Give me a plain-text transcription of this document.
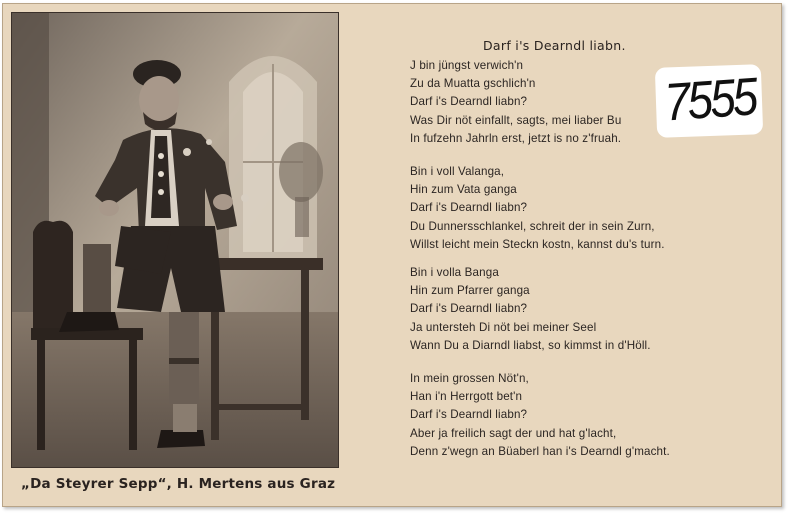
„Da Steyrer Sepp“, H. Mertens aus Graz
Darf i's Dearndl liabn.
J bin jüngst verwich'n
Zu da Muatta gschlich'n
Darf i's Dearndl liabn?
Was Dir nöt einfallt, sagts, mei liaber Bu
In fufzehn Jahrln erst, jetzt is no z'fruah.
Bin i voll Valanga,
Hin zum Vata ganga
Darf i's Dearndl liabn?
Du Dunnersschlankel, schreit der in sein Zurn,
Willst leicht mein Steckn kostn, kannst du's turn.
Bin i volla Banga
Hin zum Pfarrer ganga
Darf i's Dearndl liabn?
Ja untersteh Di nöt bei meiner Seel
Wann Du a Diarndl liabst, so kimmst in d'Höll.
In mein grossen Nöt'n,
Han i'n Herrgott bet'n
Darf i's Dearndl liabn?
Aber ja freilich sagt der und hat g'lacht,
Denn z'wegn an Büaberl han i's Dearndl g'macht.
7555
